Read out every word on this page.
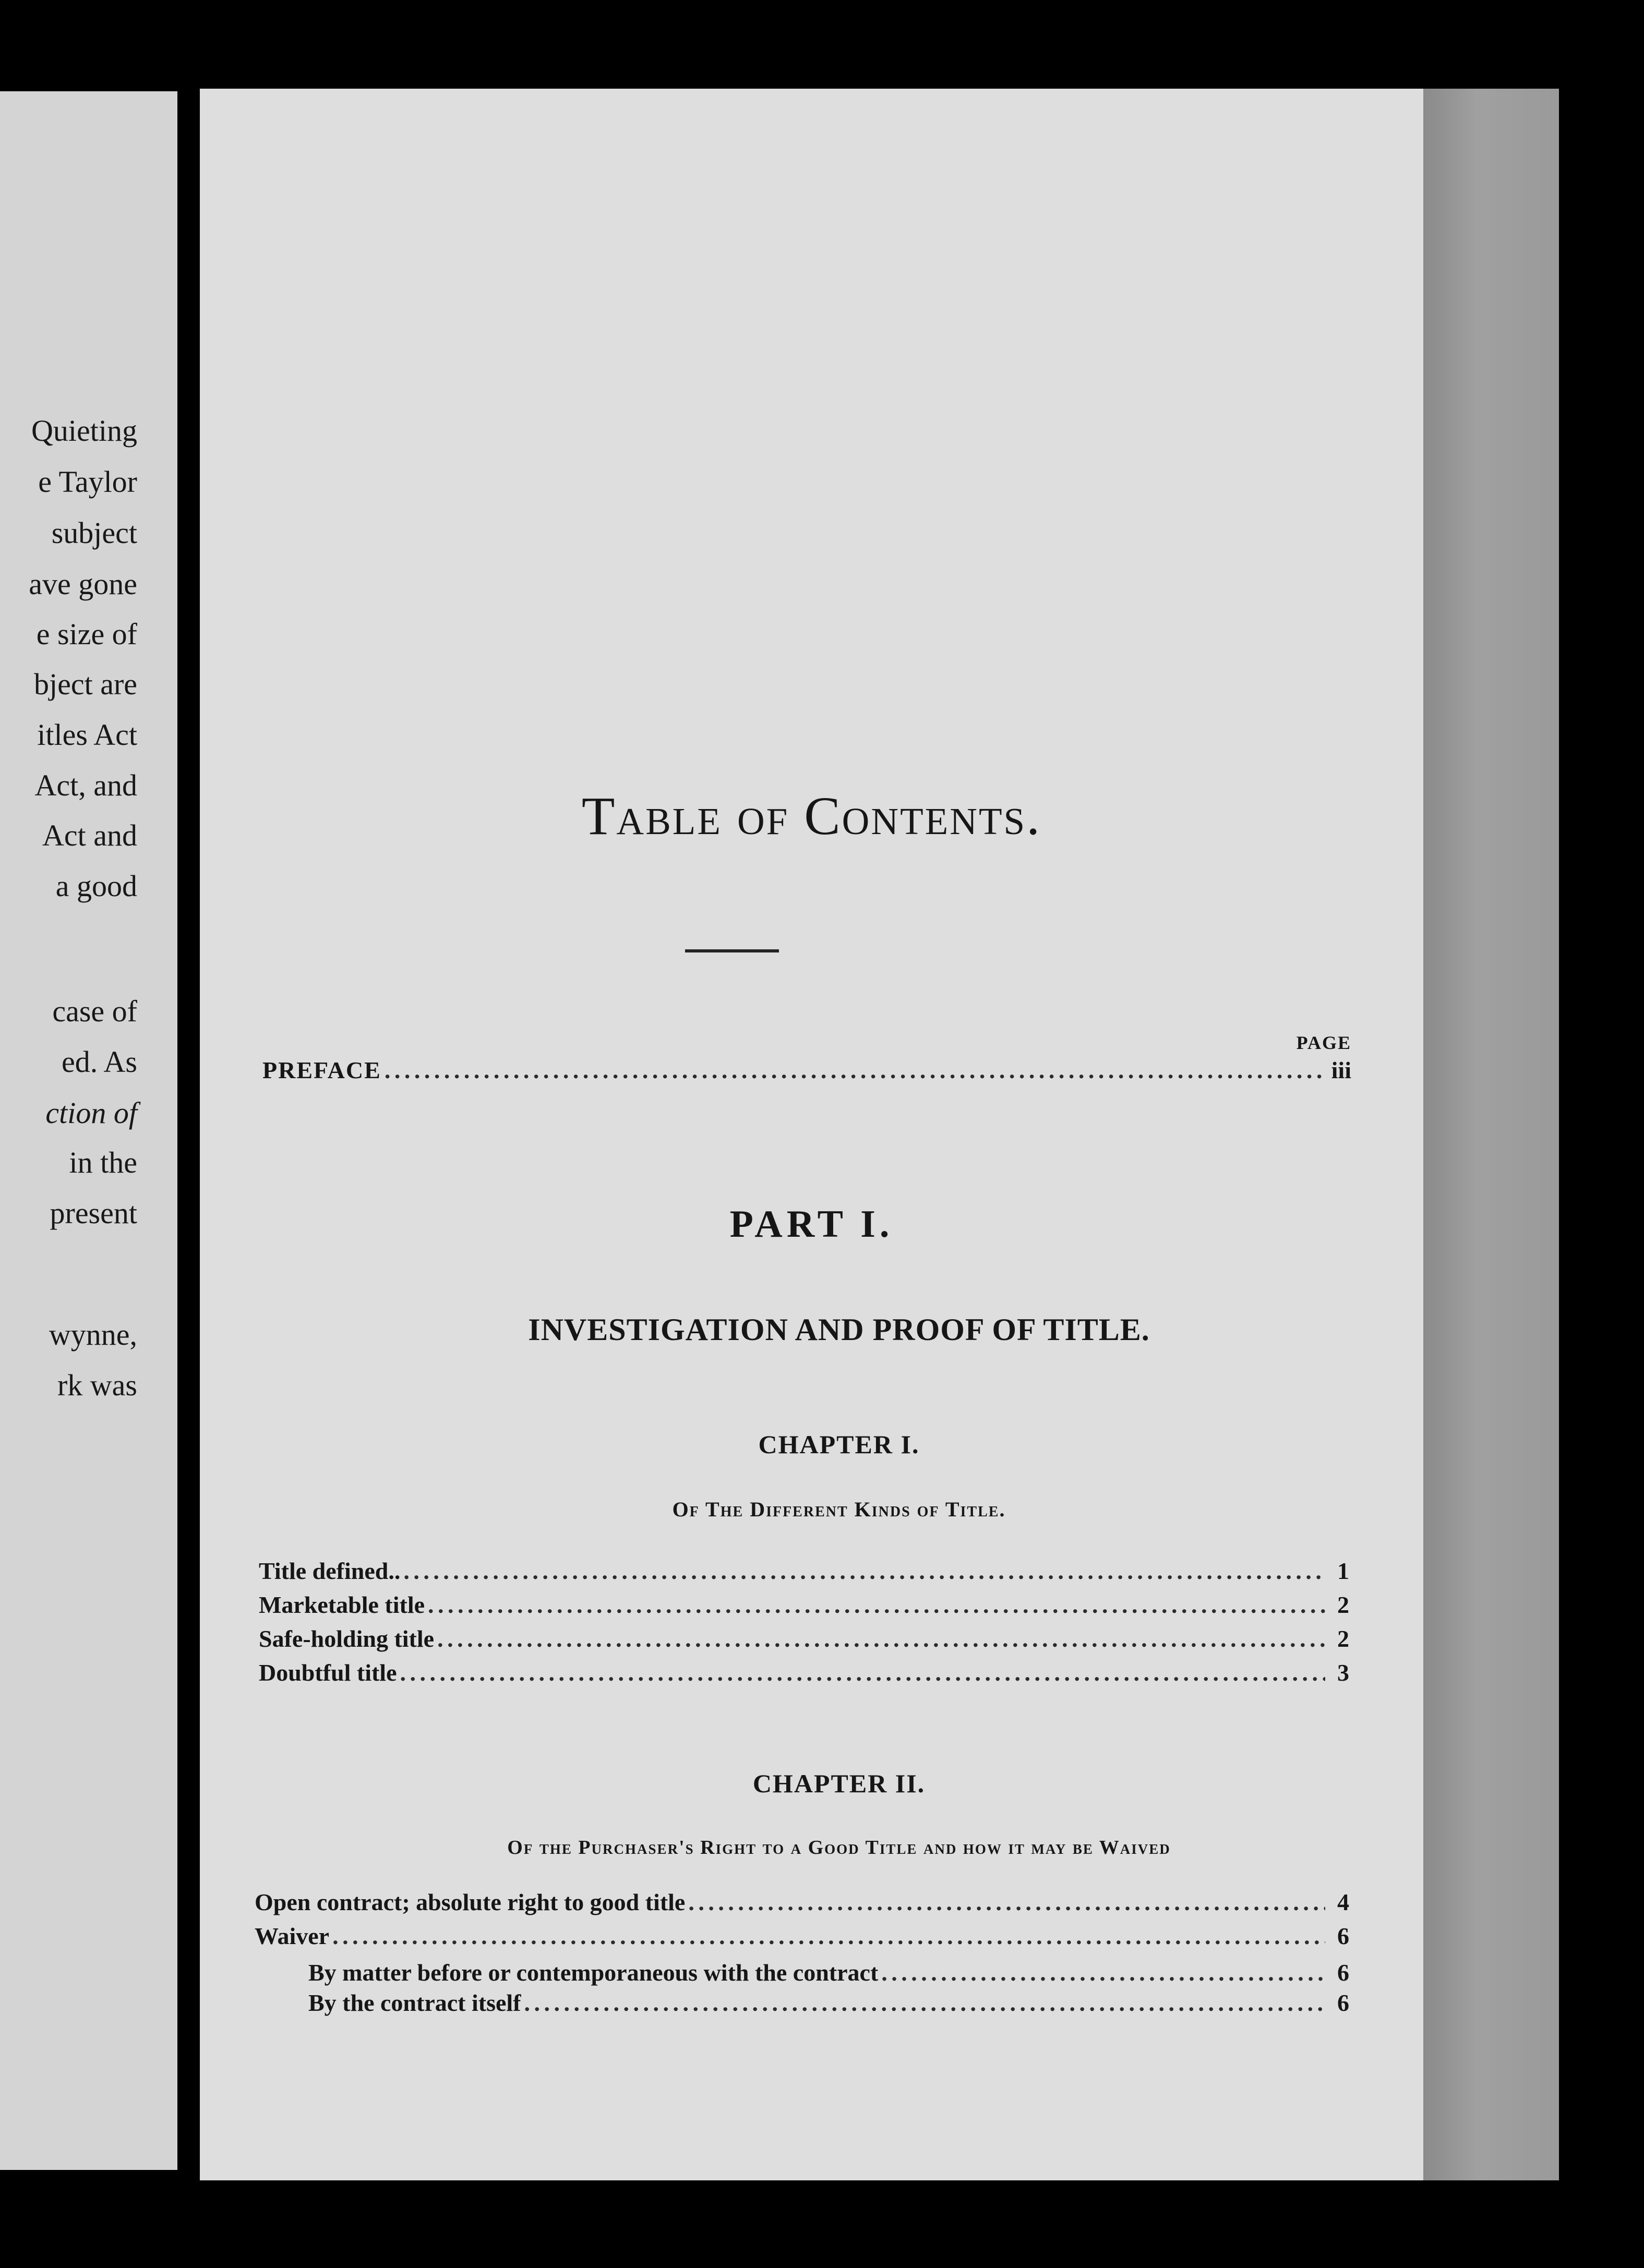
Quieting
e Taylor
subject
ave gone
e size of
bject are
itles Act
Act, and
Act and
a good
case of
ed. As
ction of
in the
present
wynne,
rk was
Table of Contents.
PAGE
PREFACE . . .	iii
PART I.
INVESTIGATION AND PROOF OF TITLE.
CHAPTER I.
Of The Different Kinds of Title.
Title defined.. . . .	1
Marketable title . . .	2
Safe-holding title . . .	2
Doubtful title . . .	3
CHAPTER II.
Of the Purchaser's Right to a Good Title and how it may be Waived
Open contract; absolute right to good title . . .	4
Waiver . . .	6
By matter before or contemporaneous with the contract . . .	6
By the contract itself . . .	6
